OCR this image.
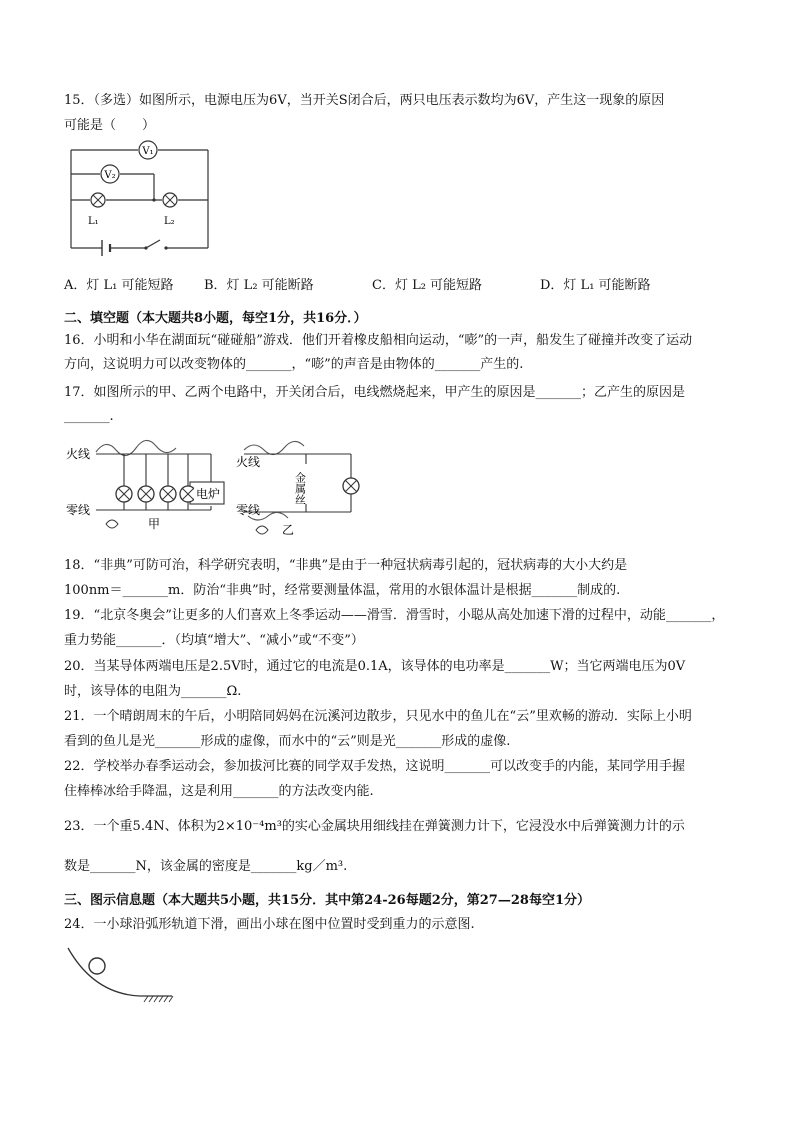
15．（多选）如图所示，电源电压为6V，当开关S闭合后，两只电压表示数均为6V，产生这一现象的原因
可能是（　　）
V₁
V₂
L₁	L₂
A．灯 L₁ 可能短路 B．灯 L₂ 可能断路	C．灯 L₂ 可能短路	D．灯 L₁ 可能断路
二、填空题（本大题共8小题，每空1分，共16分．）
16．小明和小华在湖面玩“碰碰船”游戏．他们开着橡皮船相向运动，“嘭”的一声，船发生了碰撞并改变了运动
方向，这说明力可以改变物体的_______，“嘭”的声音是由物体的_______产生的.
17．如图所示的甲、乙两个电路中，开关闭合后，电线燃烧起来，甲产生的原因是_______；乙产生的原因是
_______.
火线
零线
电炉
甲
火线
零线
金属丝
乙
18．“非典”可防可治，科学研究表明，“非典”是由于一种冠状病毒引起的，冠状病毒的大小大约是
100nm＝_______m．防治“非典”时，经常要测量体温，常用的水银体温计是根据_______制成的.
19．“北京冬奥会”让更多的人们喜欢上冬季运动——滑雪．滑雪时，小聪从高处加速下滑的过程中，动能_______，
重力势能_______．（均填“增大”、“减小”或“不变”）
20．当某导体两端电压是2.5V时，通过它的电流是0.1A，该导体的电功率是_______W；当它两端电压为0V
时，该导体的电阻为_______Ω.
21．一个晴朗周末的午后，小明陪同妈妈在沅溪河边散步，只见水中的鱼儿在“云”里欢畅的游动．实际上小明
看到的鱼儿是光_______形成的虚像，而水中的“云”则是光_______形成的虚像.
22．学校举办春季运动会，参加拔河比赛的同学双手发热，这说明_______可以改变手的内能，某同学用手握
住棒棒冰给手降温，这是利用_______的方法改变内能.
23．一个重5.4N、体积为2×10⁻⁴m³的实心金属块用细线挂在弹簧测力计下，它浸没水中后弹簧测力计的示
数是_______N，该金属的密度是_______kg／m³.
三、图示信息题（本大题共5小题，共15分．其中第24-26每题2分，第27—28每空1分）
24．一小球沿弧形轨道下滑，画出小球在图中位置时受到重力的示意图.
